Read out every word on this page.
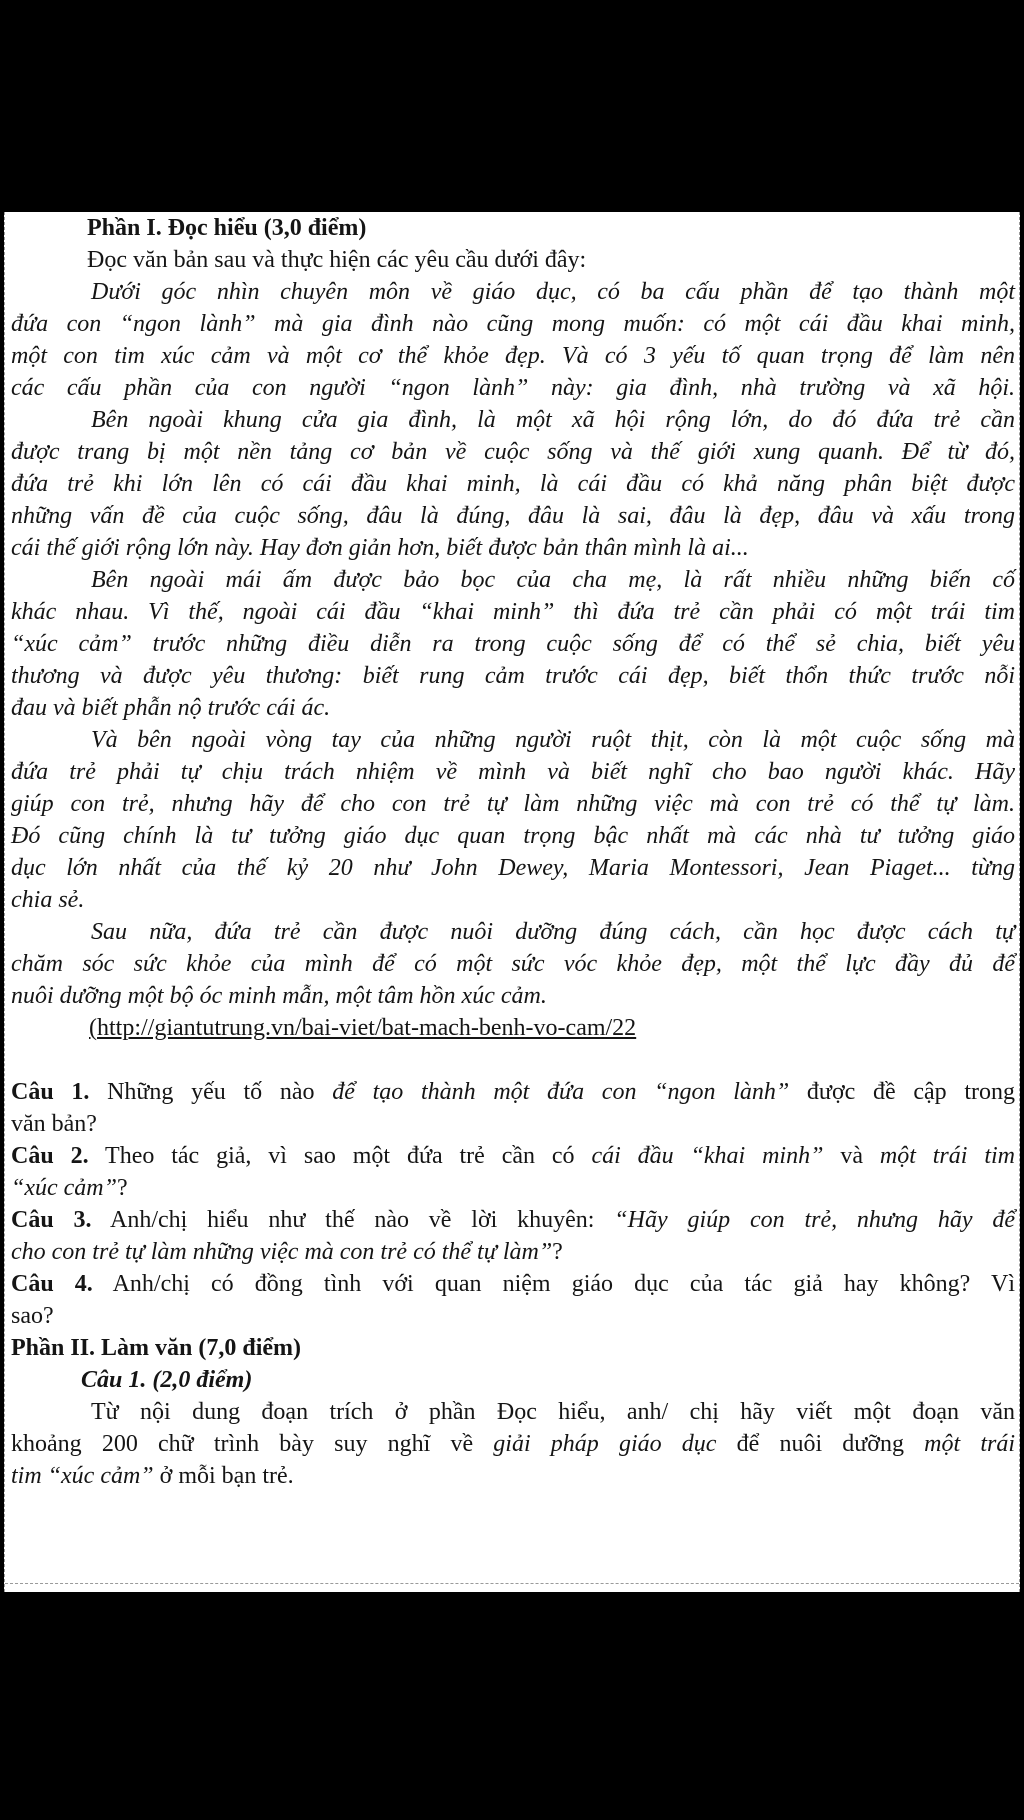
Phần I. Đọc hiểu (3,0 điểm)
Đọc văn bản sau và thực hiện các yêu cầu dưới đây:
Dưới góc nhìn chuyên môn về giáo dục, có ba cấu phần để tạo thành một
đứa con “ngon lành” mà gia đình nào cũng mong muốn: có một cái đầu khai minh,
một con tim xúc cảm và một cơ thể khỏe đẹp. Và có 3 yếu tố quan trọng để làm nên
các cấu phần của con người “ngon lành” này: gia đình, nhà trường và xã hội.
Bên ngoài khung cửa gia đình, là một xã hội rộng lớn, do đó đứa trẻ cần
được trang bị một nền tảng cơ bản về cuộc sống và thế giới xung quanh. Để từ đó,
đứa trẻ khi lớn lên có cái đầu khai minh, là cái đầu có khả năng phân biệt được
những vấn đề của cuộc sống, đâu là đúng, đâu là sai, đâu là đẹp, đâu và xấu trong
cái thế giới rộng lớn này. Hay đơn giản hơn, biết được bản thân mình là ai...
Bên ngoài mái ấm được bảo bọc của cha mẹ, là rất nhiều những biến cố
khác nhau. Vì thế, ngoài cái đầu “khai minh” thì đứa trẻ cần phải có một trái tim
“xúc cảm” trước những điều diễn ra trong cuộc sống để có thể sẻ chia, biết yêu
thương và được yêu thương: biết rung cảm trước cái đẹp, biết thổn thức trước nỗi
đau và biết phẫn nộ trước cái ác.
Và bên ngoài vòng tay của những người ruột thịt, còn là một cuộc sống mà
đứa trẻ phải tự chịu trách nhiệm về mình và biết nghĩ cho bao người khác. Hãy
giúp con trẻ, nhưng hãy để cho con trẻ tự làm những việc mà con trẻ có thể tự làm.
Đó cũng chính là tư tưởng giáo dục quan trọng bậc nhất mà các nhà tư tưởng giáo
dục lớn nhất của thế kỷ 20 như John Dewey, Maria Montessori, Jean Piaget... từng
chia sẻ.
Sau nữa, đứa trẻ cần được nuôi dưỡng đúng cách, cần học được cách tự
chăm sóc sức khỏe của mình để có một sức vóc khỏe đẹp, một thể lực đầy đủ để
nuôi dưỡng một bộ óc minh mẫn, một tâm hồn xúc cảm.
(http://giantutrung.vn/bai-viet/bat-mach-benh-vo-cam/22
Câu 1. Những yếu tố nào để tạo thành một đứa con “ngon lành” được đề cập trong
văn bản?
Câu 2. Theo tác giả, vì sao một đứa trẻ cần có cái đầu “khai minh” và một trái tim
“xúc cảm”?
Câu 3. Anh/chị hiểu như thế nào về lời khuyên: “Hãy giúp con trẻ, nhưng hãy để
cho con trẻ tự làm những việc mà con trẻ có thể tự làm”?
Câu 4. Anh/chị có đồng tình với quan niệm giáo dục của tác giả hay không? Vì
sao?
Phần II. Làm văn (7,0 điểm)
Câu 1. (2,0 điểm)
Từ nội dung đoạn trích ở phần Đọc hiểu, anh/ chị hãy viết một đoạn văn
khoảng 200 chữ trình bày suy nghĩ về giải pháp giáo dục để nuôi dưỡng một trái
tim “xúc cảm” ở mỗi bạn trẻ.
